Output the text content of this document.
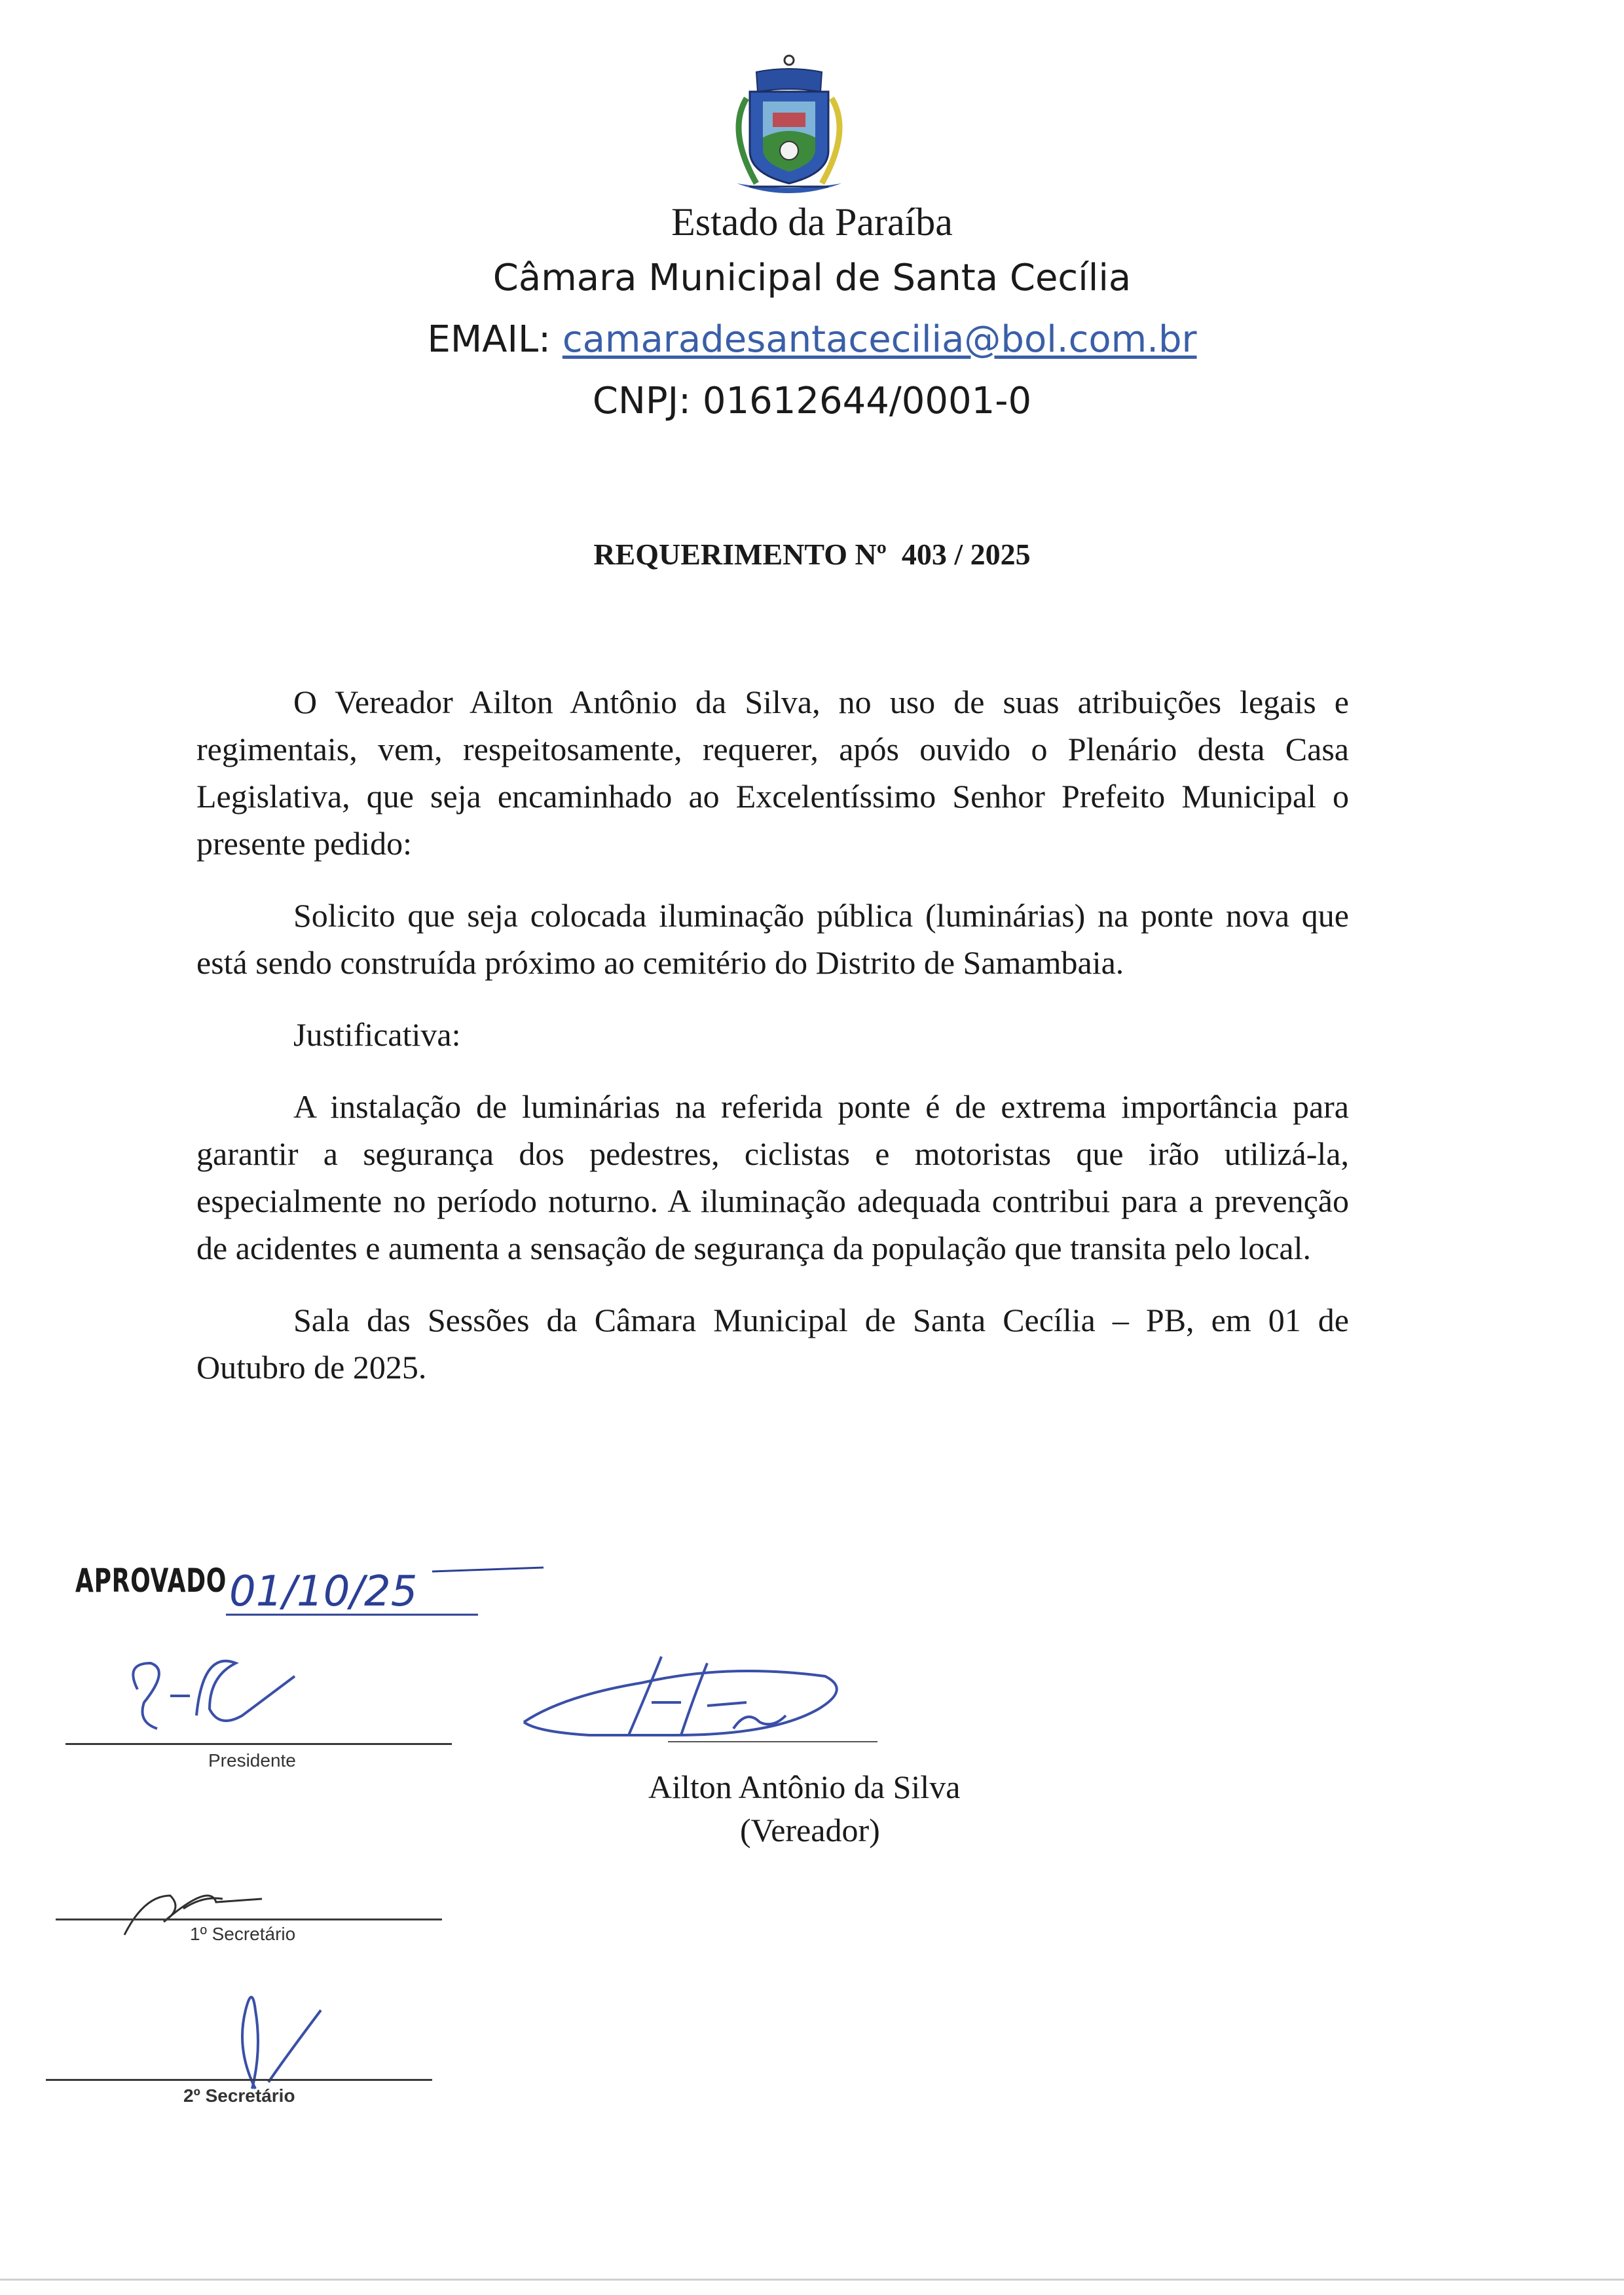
Estado da Paraíba
Câmara Municipal de Santa Cecília
EMAIL: camaradesantacecilia@bol.com.br
CNPJ: 01612644/0001-0
REQUERIMENTO Nº  403 / 2025

O Vereador Ailton Antônio da Silva, no uso de suas atribuições legais e regimentais, vem, respeitosamente, requerer, após ouvido o Plenário desta Casa Legislativa, que seja encaminhado ao Excelentíssimo Senhor Prefeito Municipal o presente pedido:

Solicito que seja colocada iluminação pública (luminárias) na ponte nova que está sendo construída próximo ao cemitério do Distrito de Samambaia.

Justificativa:

A instalação de luminárias na referida ponte é de extrema importância para garantir a segurança dos pedestres, ciclistas e motoristas que irão utilizá-la, especialmente no período noturno. A iluminação adequada contribui para a prevenção de acidentes e aumenta a sensação de segurança da população que transita pelo local.

Sala das Sessões da Câmara Municipal de Santa Cecília – PB, em 01 de Outubro de 2025.

APROVADO 01/10/25
Presidente
Ailton Antônio da Silva
(Vereador)
1º Secretário
2º Secretário
